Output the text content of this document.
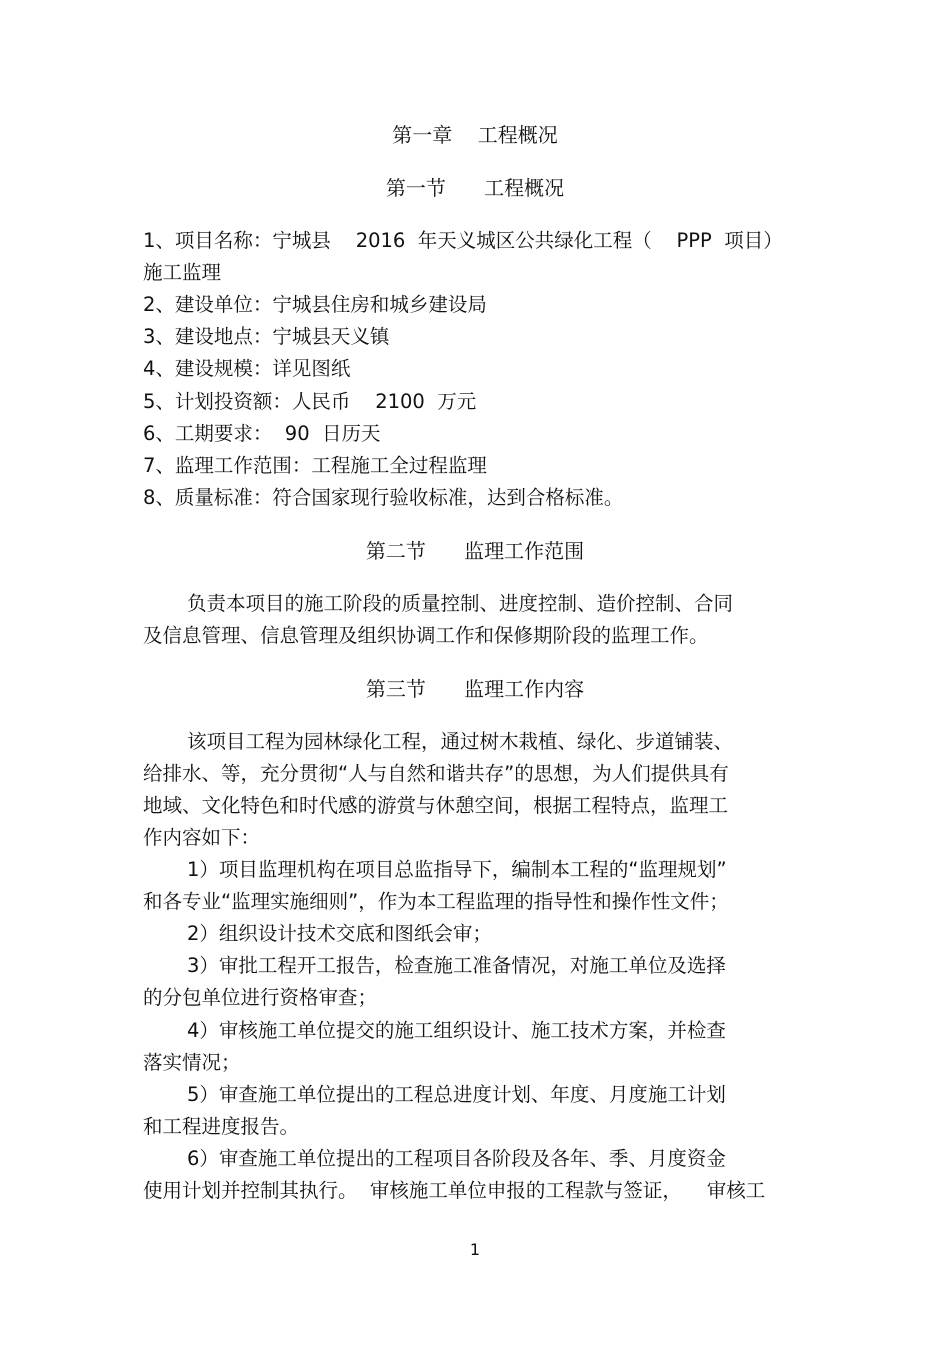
第一章    工程概况
第一节      工程概况
1、项目名称：宁城县    2016  年天义城区公共绿化工程（    PPP  项目）
施工监理
2、建设单位：宁城县住房和城乡建设局
3、建设地点：宁城县天义镇
4、建设规模：详见图纸
5、计划投资额：人民币    2100  万元
6、工期要求：  90  日历天
7、监理工作范围：工程施工全过程监理
8、质量标准：符合国家现行验收标准，达到合格标准。
第二节      监理工作范围
负责本项目的施工阶段的质量控制、进度控制、造价控制、合同
及信息管理、信息管理及组织协调工作和保修期阶段的监理工作。
第三节      监理工作内容
该项目工程为园林绿化工程，通过树木栽植、绿化、步道铺装、
给排水、等，充分贯彻“人与自然和谐共存”的思想，为人们提供具有
地域、文化特色和时代感的游赏与休憩空间，根据工程特点，监理工
作内容如下：
1）项目监理机构在项目总监指导下，编制本工程的“监理规划”
和各专业“监理实施细则”，作为本工程监理的指导性和操作性文件；
2）组织设计技术交底和图纸会审；
3）审批工程开工报告，检查施工准备情况，对施工单位及选择
的分包单位进行资格审查；
4）审核施工单位提交的施工组织设计、施工技术方案，并检查
落实情况；
5）审查施工单位提出的工程总进度计划、年度、月度施工计划
和工程进度报告。
6）审查施工单位提出的工程项目各阶段及各年、季、月度资金
使用计划并控制其执行。  审核施工单位申报的工程款与签证，    审核工
1
